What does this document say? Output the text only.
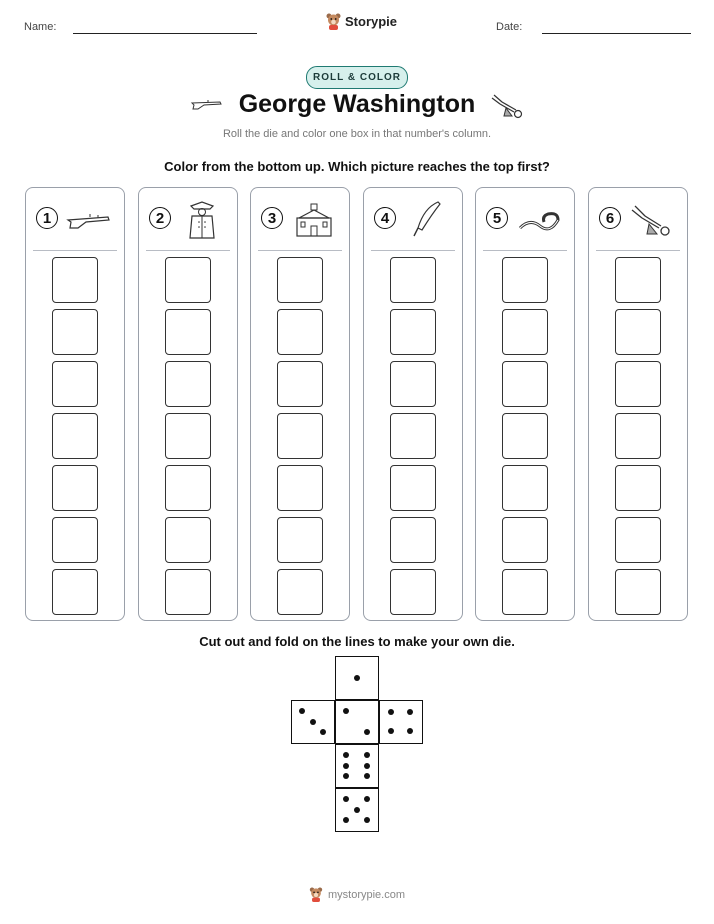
Name:	Storypie	Date:
ROLL & COLOR
George Washington
Roll the die and color one box in that number's column.
Color from the bottom up. Which picture reaches the top first?
1	2	3	4	5	6
Cut out and fold on the lines to make your own die.
mystorypie.com
